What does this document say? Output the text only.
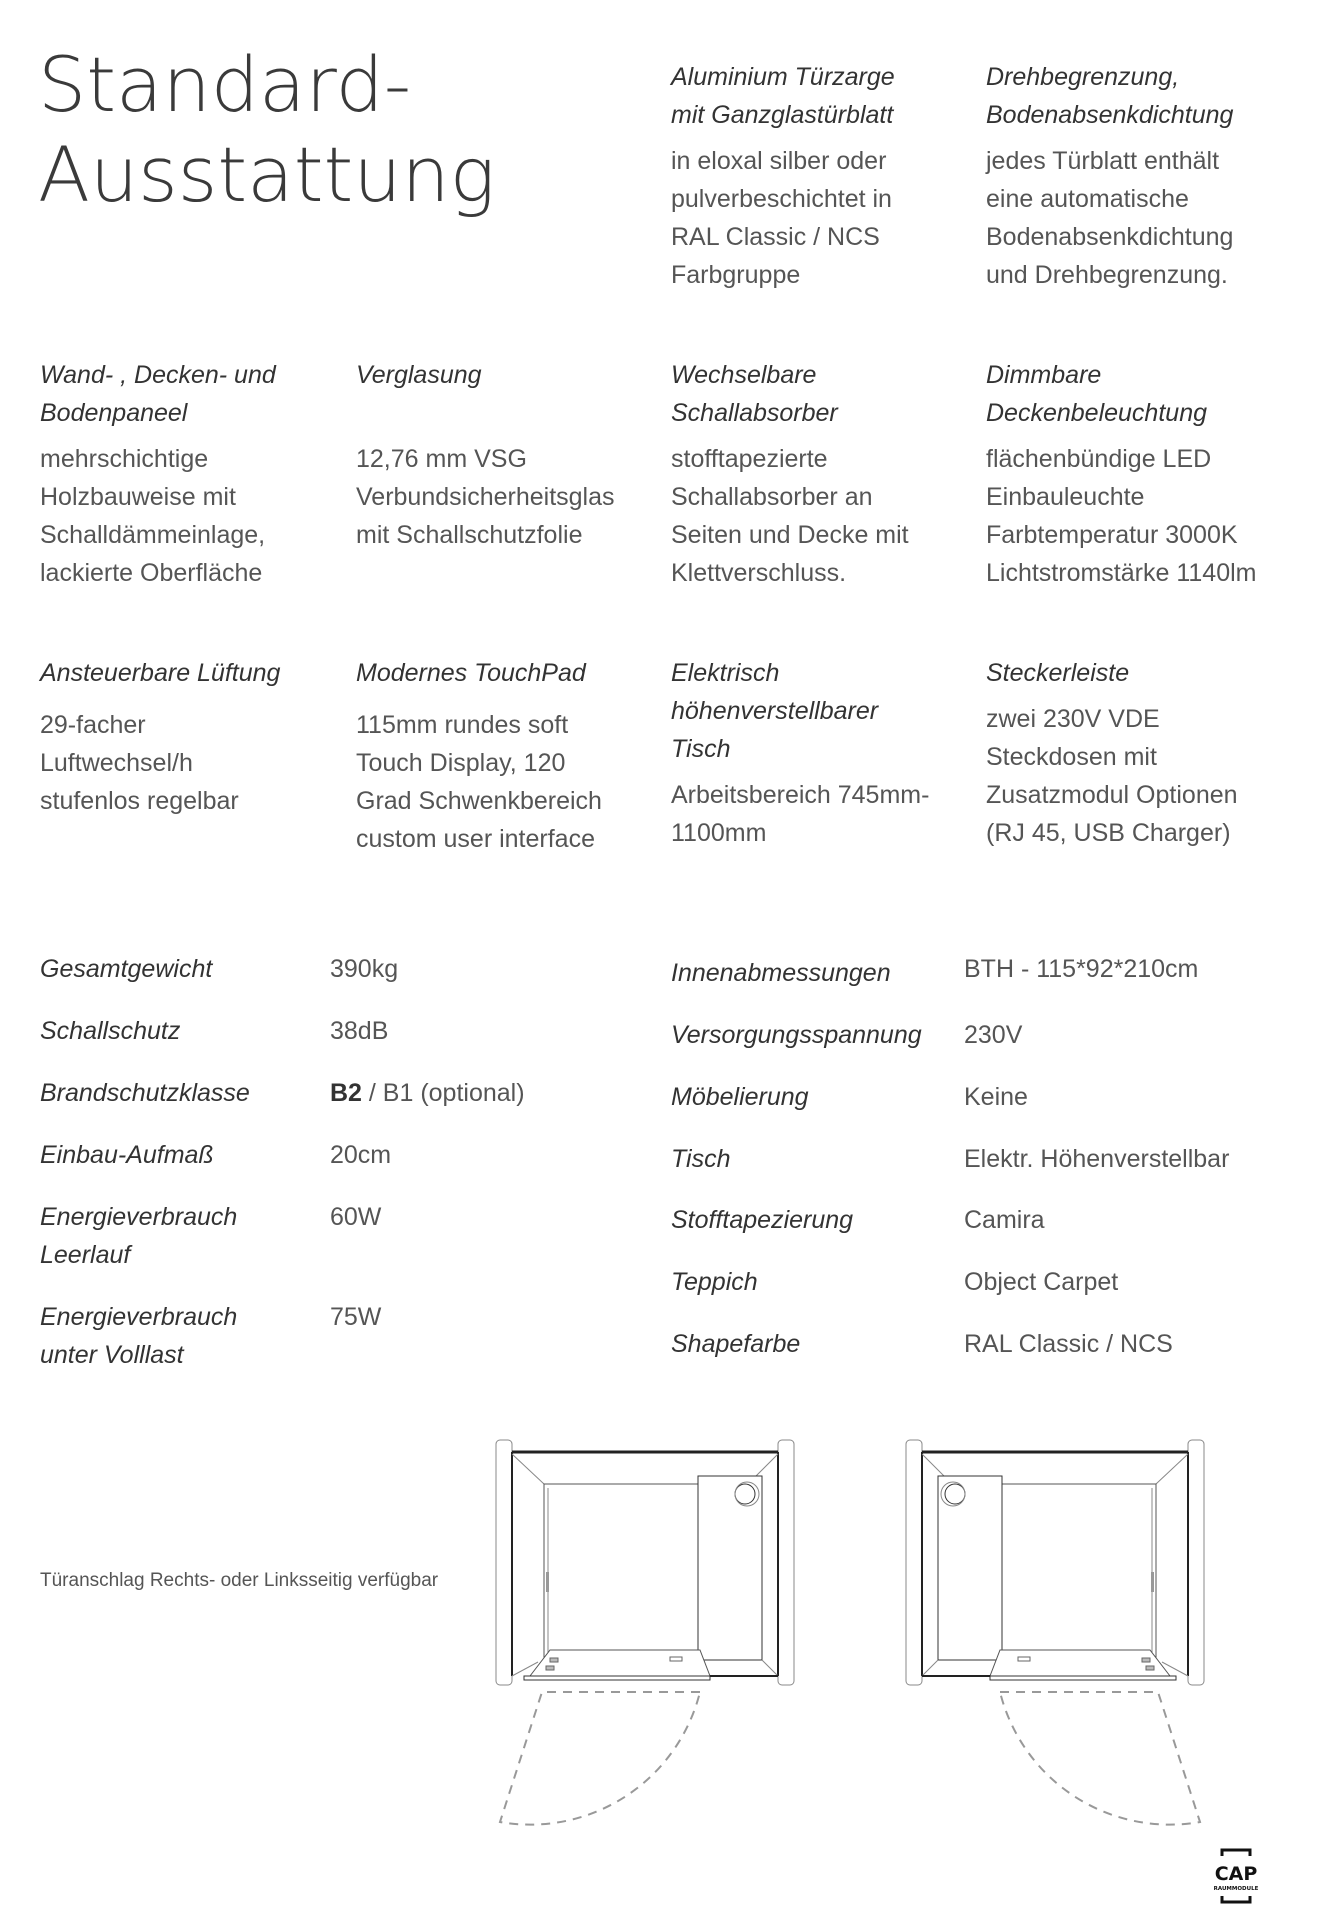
Standard-
Ausstattung
Aluminium Türzarge
mit Ganzglastürblatt
in eloxal silber oder
pulverbeschichtet in
RAL Classic / NCS
Farbgruppe
Drehbegrenzung,
Bodenabsenkdichtung
jedes Türblatt enthält
eine automatische
Bodenabsenkdichtung
und Drehbegrenzung.
Wand- , Decken- und
Bodenpaneel
mehrschichtige
Holzbauweise mit
Schalldämmeinlage,
lackierte Oberfläche
Verglasung

12,76 mm VSG
Verbundsicherheitsglas
mit Schallschutzfolie
Wechselbare
Schallabsorber
stofftapezierte
Schallabsorber an
Seiten und Decke mit
Klettverschluss.
Dimmbare
Deckenbeleuchtung
flächenbündige LED
Einbauleuchte
Farbtemperatur 3000K
Lichtstromstärke 1140lm
Ansteuerbare Lüftung
29-facher
Luftwechsel/h
stufenlos regelbar
Modernes TouchPad
115mm rundes soft
Touch Display, 120
Grad Schwenkbereich
custom user interface
Elektrisch
höhenverstellbarer
Tisch
Arbeitsbereich 745mm-
1100mm
Steckerleiste
zwei 230V VDE
Steckdosen mit
Zusatzmodul Optionen
(RJ 45, USB Charger)
Gesamtgewicht	390kg
Schallschutz	38dB
Brandschutzklasse	B2 / B1 (optional)
Einbau-Aufmaß	20cm
Energieverbrauch
Leerlauf
60W
Energieverbrauch
unter Volllast
75W
Innenabmessungen	BTH - 115*92*210cm
Versorgungsspannung 230V
Möbelierung	Keine
Tisch	Elektr. Höhenverstellbar
Stofftapezierung	Camira
Teppich	Object Carpet
Shapefarbe	RAL Classic / NCS
Türanschlag Rechts- oder Linksseitig verfügbar
CAP
RAUMMODULE
